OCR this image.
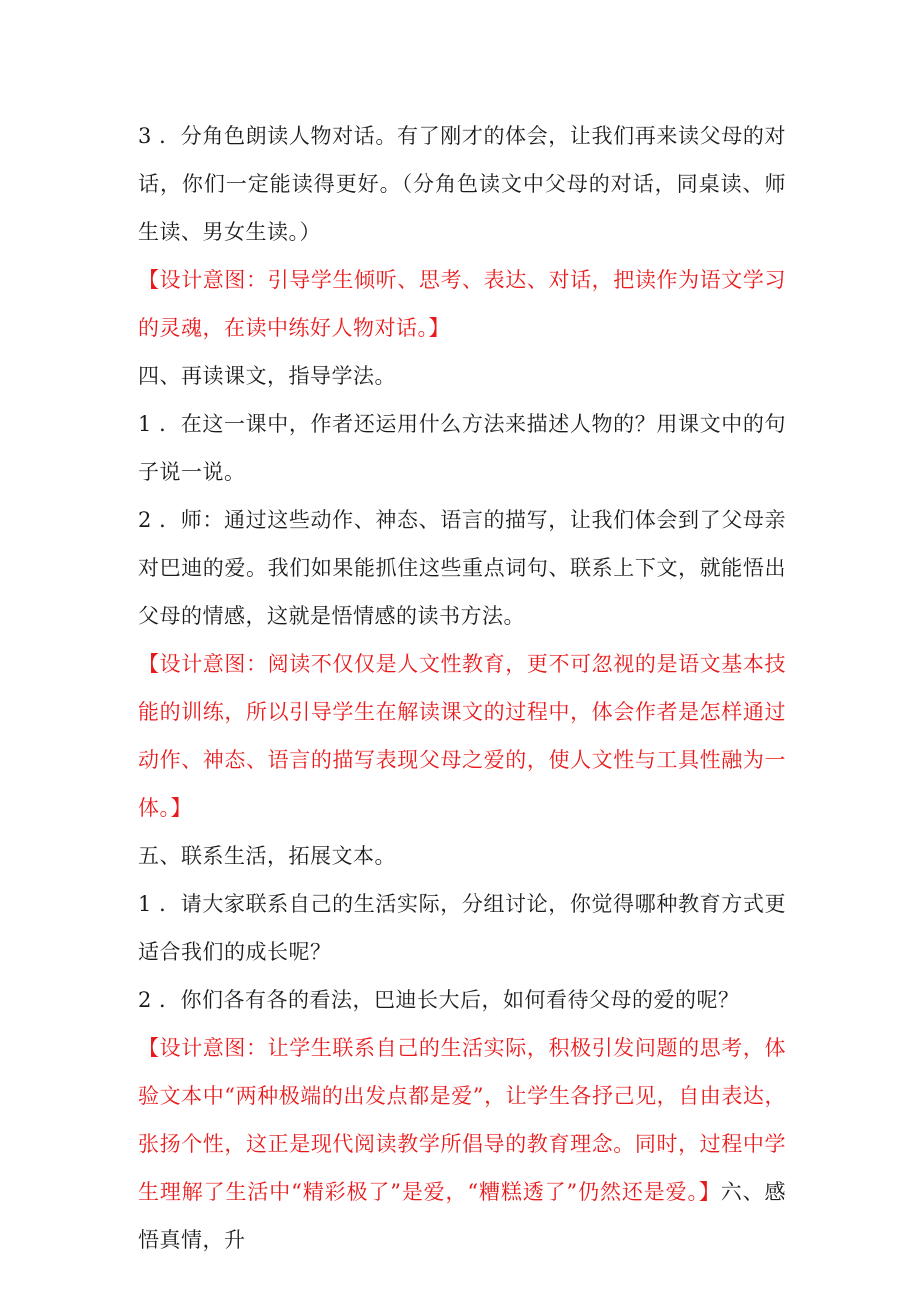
3 ．分角色朗读人物对话。有了刚才的体会，让我们再来读父母的对话，你们一定能读得更好。（分角色读文中父母的对话，同桌读、师生读、男女生读。）

【设计意图：引导学生倾听、思考、表达、对话，把读作为语文学习的灵魂，在读中练好人物对话。】

四、再读课文，指导学法。

1 ．在这一课中，作者还运用什么方法来描述人物的？用课文中的句子说一说。

2 ．师：通过这些动作、神态、语言的描写，让我们体会到了父母亲对巴迪的爱。我们如果能抓住这些重点词句、联系上下文，就能悟出父母的情感，这就是悟情感的读书方法。

【设计意图：阅读不仅仅是人文性教育，更不可忽视的是语文基本技能的训练，所以引导学生在解读课文的过程中，体会作者是怎样通过动作、神态、语言的描写表现父母之爱的，使人文性与工具性融为一体。】

五、联系生活，拓展文本。

1 ．请大家联系自己的生活实际，分组讨论，你觉得哪种教育方式更适合我们的成长呢？

2 ．你们各有各的看法，巴迪长大后，如何看待父母的爱的呢？

【设计意图：让学生联系自己的生活实际，积极引发问题的思考，体验文本中“两种极端的出发点都是爱”，让学生各抒己见，自由表达，张扬个性，这正是现代阅读教学所倡导的教育理念。同时，过程中学生理解了生活中“精彩极了”是爱，“糟糕透了”仍然还是爱。】六、感悟真情，升
